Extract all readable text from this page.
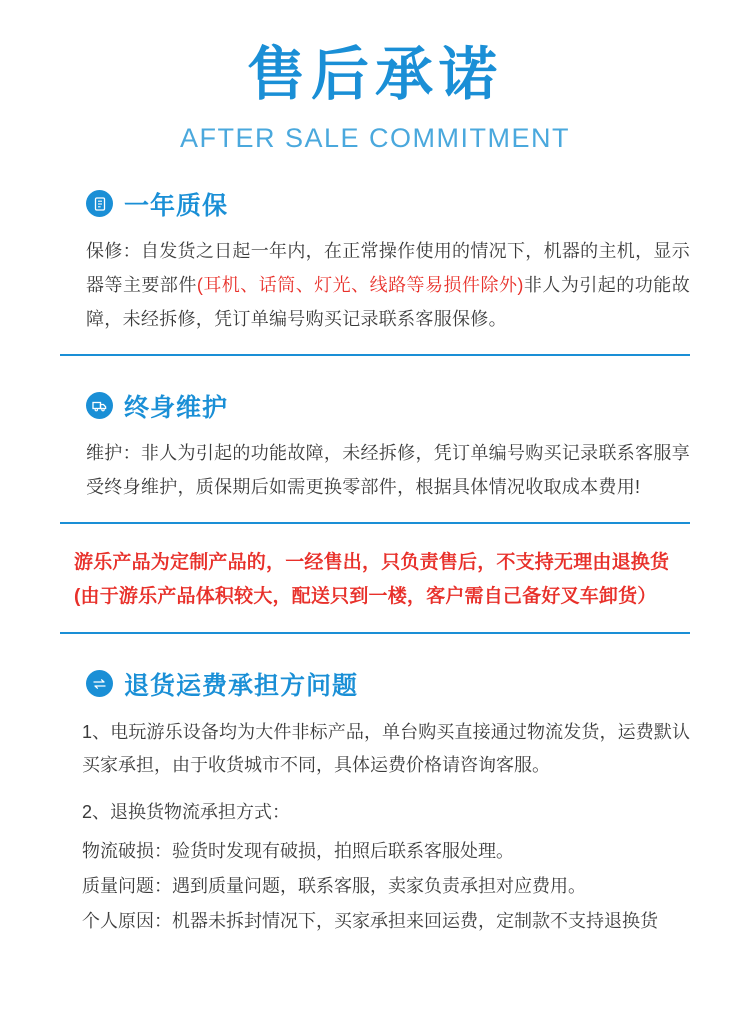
售后承诺
AFTER SALE COMMITMENT
一年质保
保修：自发货之日起一年内，在正常操作使用的情况下，机器的主机，显示器等主要部件(耳机、话筒、灯光、线路等易损件除外)非人为引起的功能故障，未经拆修，凭订单编号购买记录联系客服保修。
终身维护
维护：非人为引起的功能故障，未经拆修，凭订单编号购买记录联系客服享受终身维护，质保期后如需更换零部件，根据具体情况收取成本费用!
游乐产品为定制产品的，一经售出，只负责售后，不支持无理由退换货
(由于游乐产品体积较大，配送只到一楼，客户需自己备好叉车卸货）
退货运费承担方问题
1、电玩游乐设备均为大件非标产品，单台购买直接通过物流发货，运费默认买家承担，由于收货城市不同，具体运费价格请咨询客服。
2、退换货物流承担方式：
物流破损：验货时发现有破损，拍照后联系客服处理。
质量问题：遇到质量问题，联系客服，卖家负责承担对应费用。
个人原因：机器未拆封情况下，买家承担来回运费，定制款不支持退换货
